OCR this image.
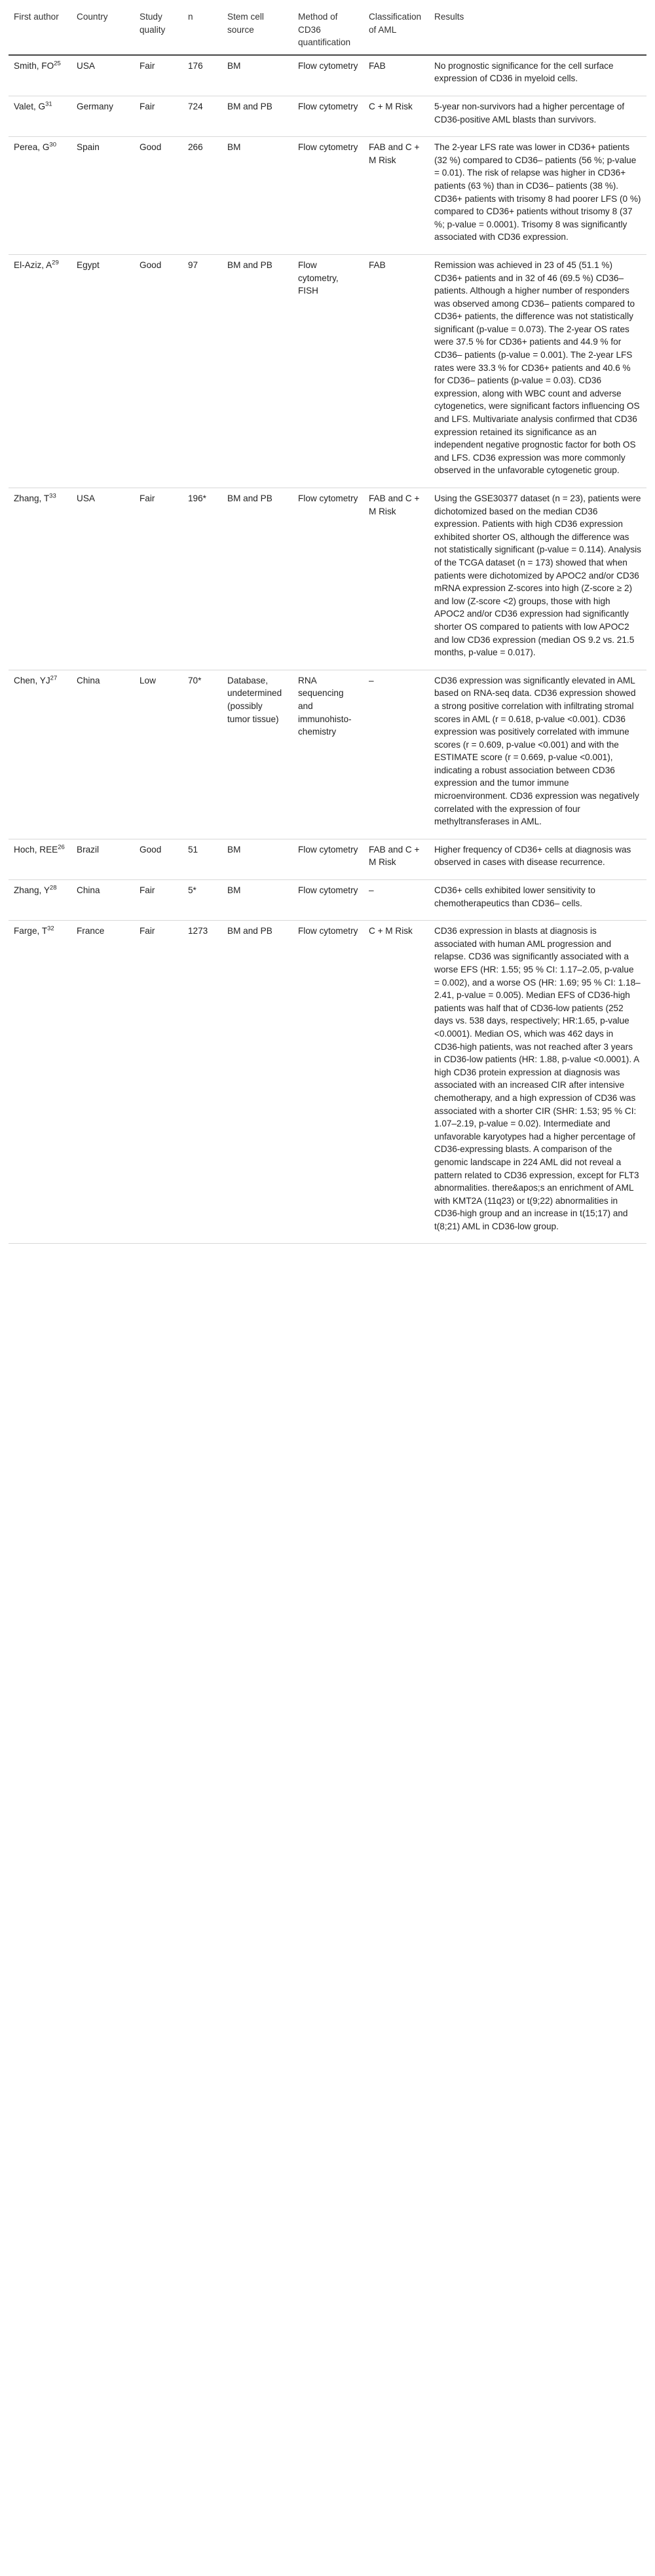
First author	Country	Study quality	n	Stem cell source	Method of CD36 quantification	Classification of AML	Results
Smith, FO$^{25}$	USA	Fair	176	BM	Flow cytometry	FAB	No prognostic significance for the cell surface expression of CD36 in myeloid cells.
Valet, $G^{31}$	Germany	Fair	724	BM and PB	Flow cytometry	C + M Risk	5-year non-survivors had a higher percentage of CD36-positive AML blasts than survivors.
Perea, $G^{30}$	Spain	Good	266	BM	Flow cytometry	FAB and C + M Risk	The 2-year LFS rate was lower in CD36+ patients (32 %) compared to CD36– patients (56 %; p-value = 0.01). The risk of relapse was higher in CD36+ patients (63 %) than in CD36– patients (38 %). CD36+ patients with trisomy 8 had poorer LFS (0 %) compared to CD36+ patients without trisomy 8 (37 %; p-value = 0.0001). Trisomy 8 was significantly associated with CD36 expression.
El-Aziz, $A^{29}$	Egypt	Good	97	BM and PB	Flow cytometry, FISH	FAB	Remission was achieved in 23 of 45 (51.1 %) CD36+ patients and in 32 of 46 (69.5 %) CD36– patients. Although a higher number of responders was observed among CD36– patients compared to CD36+ patients, the difference was not statistically significant (p-value = 0.073). The 2-year OS rates were 37.5 % for CD36+ patients and 44.9 % for CD36– patients (p-value = 0.001). The 2-year LFS rates were 33.3 % for CD36+ patients and 40.6 % for CD36– patients (p-value = 0.03). CD36 expression, along with WBC count and adverse cytogenetics, were significant factors influencing OS and LFS. Multivariate analysis confirmed that CD36 expression retained its significance as an independent negative prognostic factor for both OS and LFS. CD36 expression was more commonly observed in the unfavorable cytogenetic group.
Zhang, $T^{33}$	USA	Fair	196*	BM and PB	Flow cytometry	FAB and C + M Risk	Using the GSE30377 dataset (n = 23), patients were dichotomized based on the median CD36 expression. Patients with high CD36 expression exhibited shorter OS, although the difference was not statistically significant (p-value = 0.114). Analysis of the TCGA dataset (n = 173) showed that when patients were dichotomized by APOC2 and/or CD36 mRNA expression Z-scores into high (Z-score ≥ 2) and low (Z-score <2) groups, those with high APOC2 and/or CD36 expression had significantly shorter OS compared to patients with low APOC2 and low CD36 expression (median OS 9.2 vs. 21.5 months, p-value = 0.017).
Chen, YJ$^{27}$	China	Low	70*	Database, undetermined (possibly tumor tissue)	RNA sequencing and immunohisto-chemistry	–	CD36 expression was significantly elevated in AML based on RNA-seq data. CD36 expression showed a strong positive correlation with infiltrating stromal scores in AML (r = 0.618, p-value <0.001). CD36 expression was positively correlated with immune scores (r = 0.609, p-value <0.001) and with the ESTIMATE score (r = 0.669, p-value <0.001), indicating a robust association between CD36 expression and the tumor immune microenvironment. CD36 expression was negatively correlated with the expression of four methyltransferases in AML.
Hoch, REE$^{26}$	Brazil	Good	51	BM	Flow cytometry	FAB and C + M Risk	Higher frequency of CD36+ cells at diagnosis was observed in cases with disease recurrence.
Zhang, $Y^{28}$	China	Fair	5*	BM	Flow cytometry	–	CD36+ cells exhibited lower sensitivity to chemotherapeutics than CD36– cells.
Farge, $T^{32}$	France	Fair	1273	BM and PB	Flow cytometry	C + M Risk	CD36 expression in blasts at diagnosis is associated with human AML progression and relapse. CD36 was significantly associated with a worse EFS (HR: 1.55; 95 % CI: 1.17–2.05, p-value = 0.002), and a worse OS (HR: 1.69; 95 % CI: 1.18–2.41, p-value = 0.005). Median EFS of CD36-high patients was half that of CD36-low patients (252 days vs. 538 days, respectively; HR:1.65, p-value <0.0001). Median OS, which was 462 days in CD36-high patients, was not reached after 3 years in CD36-low patients (HR: 1.88, p-value <0.0001). A high CD36 protein expression at diagnosis was associated with an increased CIR after intensive chemotherapy, and a high expression of CD36 was associated with a shorter CIR (SHR: 1.53; 95 % CI: 1.07–2.19, p-value = 0.02). Intermediate and unfavorable karyotypes had a higher percentage of CD36-expressing blasts. A comparison of the genomic landscape in 224 AML did not reveal a pattern related to CD36 expression, except for FLT3 abnormalities. there&apos;s an enrichment of AML with KMT2A (11q23) or t(9;22) abnormalities in CD36-high group and an increase in t(15;17) and t(8;21) AML in CD36-low group.
